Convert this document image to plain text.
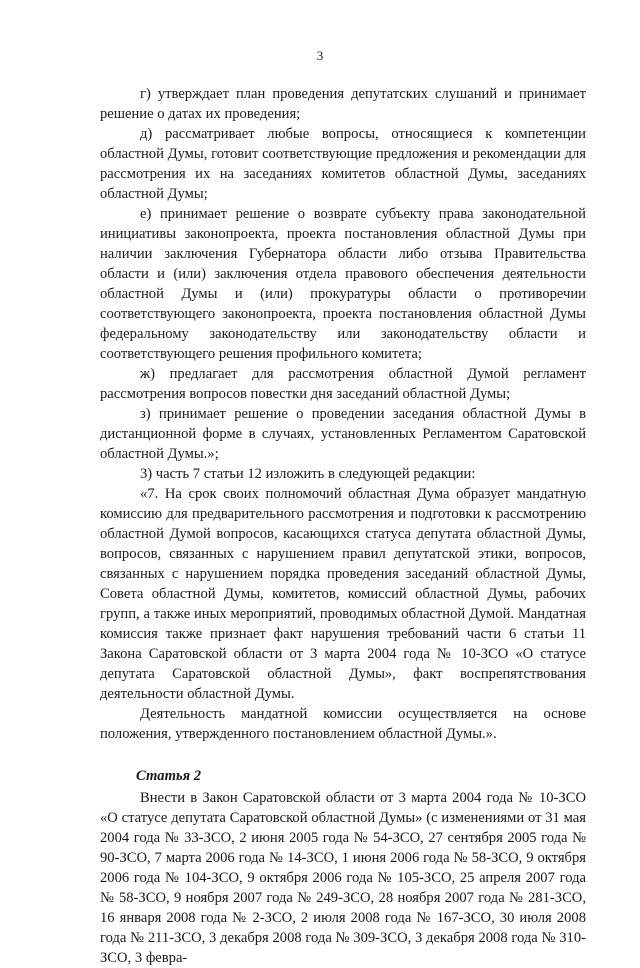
3

г) утверждает план проведения депутатских слушаний и принимает решение о датах их проведения;

д) рассматривает любые вопросы, относящиеся к компетенции областной Думы, готовит соответствующие предложения и рекомендации для рассмотрения их на заседаниях комитетов областной Думы, заседаниях областной Думы;

е) принимает решение о возврате субъекту права законодательной инициативы законопроекта, проекта постановления областной Думы при наличии заключения Губернатора области либо отзыва Правительства области и (или) заключения отдела правового обеспечения деятельности областной Думы и (или) прокуратуры области о противоречии соответствующего законопроекта, проекта постановления областной Думы федеральному законодательству или законодательству области и соответствующего решения профильного комитета;

ж) предлагает для рассмотрения областной Думой регламент рассмотрения вопросов повестки дня заседаний областной Думы;

з) принимает решение о проведении заседания областной Думы в дистанционной форме в случаях, установленных Регламентом Саратовской областной Думы.»;

3) часть 7 статьи 12 изложить в следующей редакции:

«7. На срок своих полномочий областная Дума образует мандатную комиссию для предварительного рассмотрения и подготовки к рассмотрению областной Думой вопросов, касающихся статуса депутата областной Думы, вопросов, связанных с нарушением правил депутатской этики, вопросов, связанных с нарушением порядка проведения заседаний областной Думы, Совета областной Думы, комитетов, комиссий областной Думы, рабочих групп, а также иных мероприятий, проводимых областной Думой. Мандатная комиссия также признает факт нарушения требований части 6 статьи 11 Закона Саратовской области от 3 марта 2004 года № 10-ЗСО «О статусе депутата Саратовской областной Думы», факт воспрепятствования деятельности областной Думы.

Деятельность мандатной комиссии осуществляется на основе положения, утвержденного постановлением областной Думы.».

Статья 2

Внести в Закон Саратовской области от 3 марта 2004 года № 10-ЗСО «О статусе депутата Саратовской областной Думы» (с изменениями от 31 мая 2004 года № 33-ЗСО, 2 июня 2005 года № 54-ЗСО, 27 сентября 2005 года № 90-ЗСО, 7 марта 2006 года № 14-ЗСО, 1 июня 2006 года № 58-ЗСО, 9 октября 2006 года № 104-ЗСО, 9 октября 2006 года № 105-ЗСО, 25 апреля 2007 года № 58-ЗСО, 9 ноября 2007 года № 249-ЗСО, 28 ноября 2007 года № 281-ЗСО, 16 января 2008 года № 2-ЗСО, 2 июля 2008 года № 167-ЗСО, 30 июля 2008 года № 211-ЗСО, 3 декабря 2008 года № 309-ЗСО, 3 декабря 2008 года № 310-ЗСО, 3 февра-
